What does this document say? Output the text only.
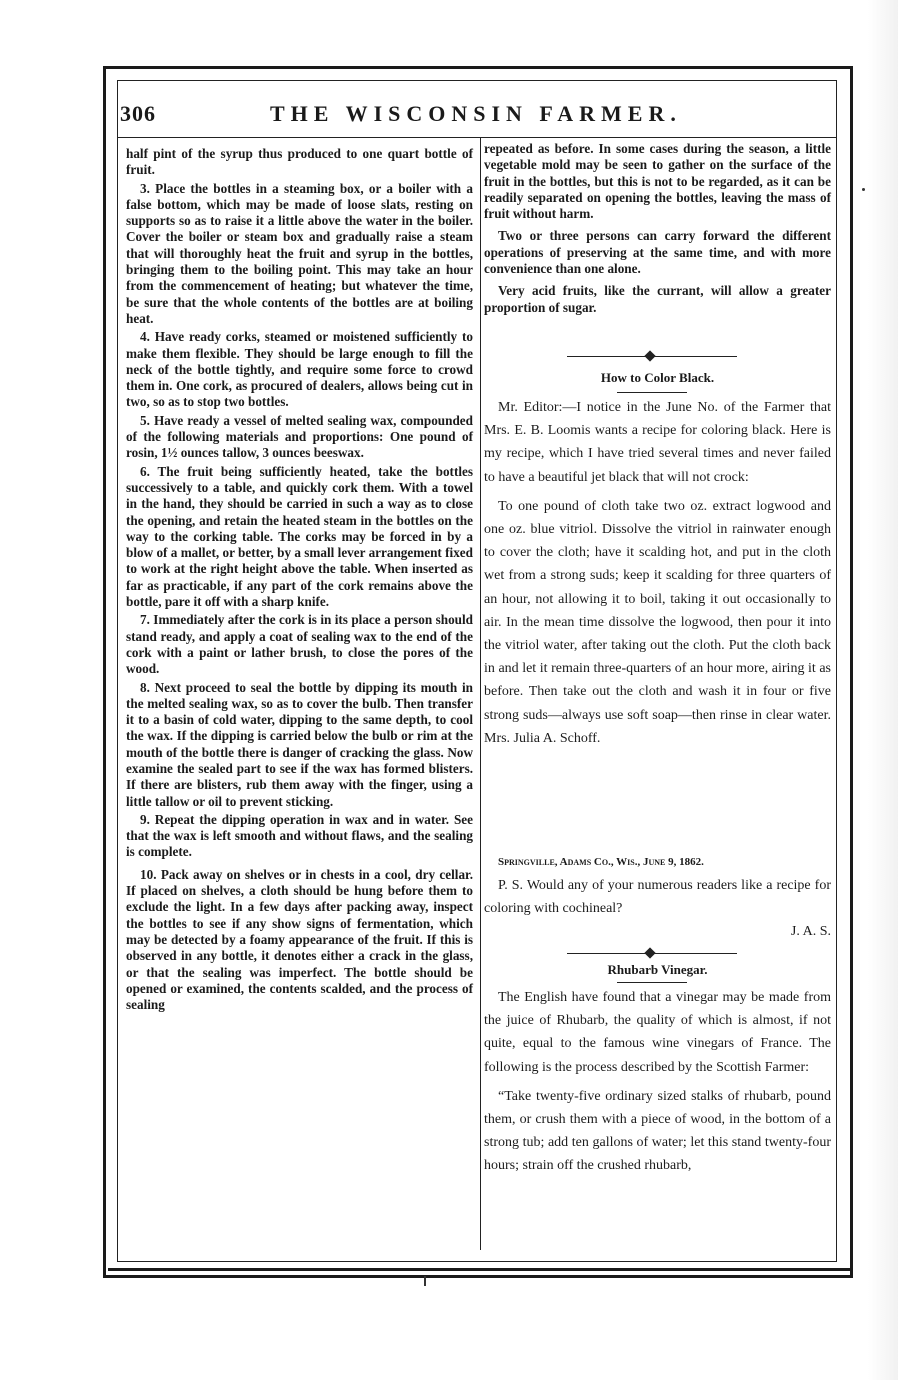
306	THE WISCONSIN FARMER.

half pint of the syrup thus produced to one quart bottle of fruit.

3. Place the bottles in a steaming box, or a boiler with a false bottom, which may be made of loose slats, resting on supports so as to raise it a little above the water in the boiler. Cover the boiler or steam box and gradually raise a steam that will thoroughly heat the fruit and syrup in the bottles, bringing them to the boiling point. This may take an hour from the commencement of heating; but whatever the time, be sure that the whole contents of the bottles are at boiling heat.

4. Have ready corks, steamed or moistened sufficiently to make them flexible. They should be large enough to fill the neck of the bottle tightly, and require some force to crowd them in. One cork, as procured of dealers, allows being cut in two, so as to stop two bottles.

5. Have ready a vessel of melted sealing wax, compounded of the following materials and proportions: One pound of rosin, 1½ ounces tallow, 3 ounces beeswax.

6. The fruit being sufficiently heated, take the bottles successively to a table, and quickly cork them. With a towel in the hand, they should be carried in such a way as to close the opening, and retain the heated steam in the bottles on the way to the corking table. The corks may be forced in by a blow of a mallet, or better, by a small lever arrangement fixed to work at the right height above the table. When inserted as far as practicable, if any part of the cork remains above the bottle, pare it off with a sharp knife.

7. Immediately after the cork is in its place a person should stand ready, and apply a coat of sealing wax to the end of the cork with a paint or lather brush, to close the pores of the wood.

8. Next proceed to seal the bottle by dipping its mouth in the melted sealing wax, so as to cover the bulb. Then transfer it to a basin of cold water, dipping to the same depth, to cool the wax. If the dipping is carried below the bulb or rim at the mouth of the bottle there is danger of cracking the glass. Now examine the sealed part to see if the wax has formed blisters. If there are blisters, rub them away with the finger, using a little tallow or oil to prevent sticking.

9. Repeat the dipping operation in wax and in water. See that the wax is left smooth and without flaws, and the sealing is complete.

10. Pack away on shelves or in chests in a cool, dry cellar. If placed on shelves, a cloth should be hung before them to exclude the light. In a few days after packing away, inspect the bottles to see if any show signs of fermentation, which may be detected by a foamy appearance of the fruit. If this is observed in any bottle, it denotes either a crack in the glass, or that the sealing was imperfect. The bottle should be opened or examined, the contents scalded, and the process of sealing

repeated as before. In some cases during the season, a little vegetable mold may be seen to gather on the surface of the fruit in the bottles, but this is not to be regarded, as it can be readily separated on opening the bottles, leaving the mass of fruit without harm.

Two or three persons can carry forward the different operations of preserving at the same time, and with more convenience than one alone.

Very acid fruits, like the currant, will allow a greater proportion of sugar.

How to Color Black.

Mr. Editor:—I notice in the June No. of the Farmer that Mrs. E. B. Loomis wants a recipe for coloring black. Here is my recipe, which I have tried several times and never failed to have a beautiful jet black that will not crock:

To one pound of cloth take two oz. extract logwood and one oz. blue vitriol. Dissolve the vitriol in rainwater enough to cover the cloth; have it scalding hot, and put in the cloth wet from a strong suds; keep it scalding for three quarters of an hour, not allowing it to boil, taking it out occasionally to air. In the mean time dissolve the logwood, then pour it into the vitriol water, after taking out the cloth. Put the cloth back in and let it remain three-quarters of an hour more, airing it as before. Then take out the cloth and wash it in four or five strong suds—always use soft soap—then rinse in clear water. Mrs. Julia A. Schoff.

Springville, Adams Co., Wis., June 9, 1862.

P. S. Would any of your numerous readers like a recipe for coloring with cochineal?

J. A. S.

Rhubarb Vinegar.

The English have found that a vinegar may be made from the juice of Rhubarb, the quality of which is almost, if not quite, equal to the famous wine vinegars of France. The following is the process described by the Scottish Farmer:

“Take twenty-five ordinary sized stalks of rhubarb, pound them, or crush them with a piece of wood, in the bottom of a strong tub; add ten gallons of water; let this stand twenty-four hours; strain off the crushed rhubarb,
